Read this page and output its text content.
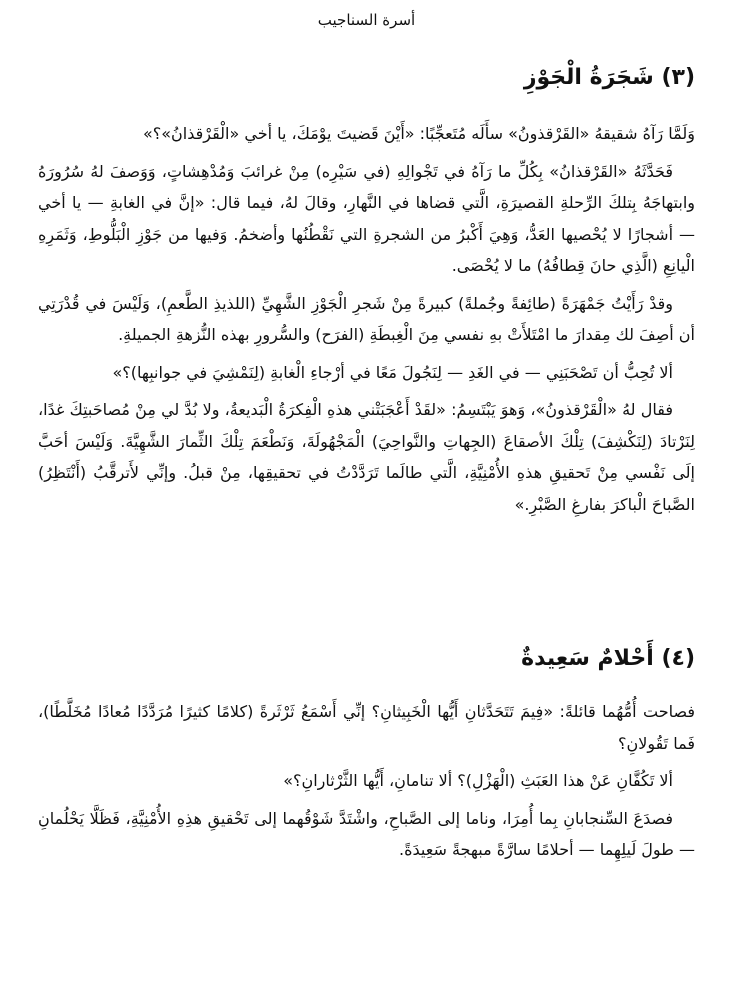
أسرة السناجيب
(٣) شَجَرَةُ الْجَوْزِ

وَلَمَّا رَآهُ شقيقهُ «القَرْقذونُ» سأَلَه مُتَعجِّبًا: «أَيْنَ قَضيتَ يوْمَكَ، يا أخي «الْقَرْقذانُ»؟»

فَحَدَّثَهُ «القَرْقذانُ» بِكُلِّ ما رَآهُ في تَجْوالِهِ (في سَيْرِه) مِنْ غرائبَ وَمُدْهِشاتٍ، وَوَصفَ لهُ سُرُورَهُ وابتهاجَهُ بِتلكَ الرِّحلةِ القصيرَةِ، الَّتي قضاها في النَّهارِ، وقالَ لهُ، فيما قال: «إنَّ في الغابةِ — يا أخي — أشجارًا لا يُحْصيها العَدُّ، وَهِيَ أَكْبرُ من الشجرةِ التي نَقْطُنُها وأضخمُ. وَفيها من جَوْزِ الْبَلُّوطِ، وَثَمَرِهِ الْيانِعِ (الَّذِي حانَ قِطافُهُ) ما لا يُحْصَى.

وقدْ رَأَيْتُ جَمْهَرَةً (طائِفةً وجُملةً) كبيرةً مِنْ شَجرِ الْجَوْزِ الشَّهِيِّ (اللذيذِ الطَّعمِ)، وَلَيْسَ في قُدْرَتِي أن أصِفَ لك مِقدارَ ما امْتَلأَتْ بهِ نفسي مِنَ الْغِبطَةِ (الفرَح) والسُّرورِ بهذه النُّزهةِ الجميلةِ.

ألا تُحِبُّ أن تَصْحَبَنِي — في الغَدِ — لِنَجُولَ مَعًا في أرْجاءِ الْغابةِ (لِنَمْشِيَ في جوانبِها)؟»

فقال لهُ «الْقَرْقذونُ»، وَهوَ يَبْتَسِمُ: «لقَدْ أَعْجَبَتْني هذهِ الْفِكرَةُ الْبَديعةُ، ولا بُدَّ لي مِنْ مُصاحَبتِكَ غدًا، لِنَرْتادَ (لِنَكْشِفَ) تِلْكَ الأصقاعَ (الجِهاتِ والنَّواحِيَ) الْمَجْهُولَةَ، وَنَطْعَمَ تِلْكَ الثِّمارَ الشَّهِيَّةَ. وَلَيْسَ أحَبَّ إلَى نَفْسي مِنْ تَحقيقِ هذهِ الأُمْنِيَّةِ، الَّتي طالَما تَرَدَّدْتُ في تحقيقِها، مِنْ قبلُ. وإنِّي لأَترقَّبُ (أَنْتَظِرُ) الصَّباحَ الْباكرَ بفارغِ الصَّبْرِ.»

(٤) أَحْلامٌ سَعِيدةٌ

فصاحت أُمُّهُما قائلةً: «فِيمَ تَتَحَدَّثانِ أَيُّها الْخَبِيثانِ؟ إنِّي أَسْمَعُ ثَرْثَرةً (كلامًا كثيرًا مُرَدَّدًا مُعادًا مُخَلَّطًا)، فَما تَقُولانِ؟

ألا تَكُفَّانِ عَنْ هذا العَبَثِ (الْهَزْلِ)؟ ألا تنامانِ، أَيُّها الثَّرْثارانِ؟»

فصدَعَ السِّنجابانِ بِما أُمِرَا، وناما إلى الصَّباحِ، واشْتَدَّ شَوْقُهما إلى تَحْقيقِ هذِهِ الأُمْنِيَّةِ، فَظَلَّا يَحْلُمانِ — طولَ لَيلِهِما — أحلامًا سارَّةً مبهجةً سَعِيدَةً.
